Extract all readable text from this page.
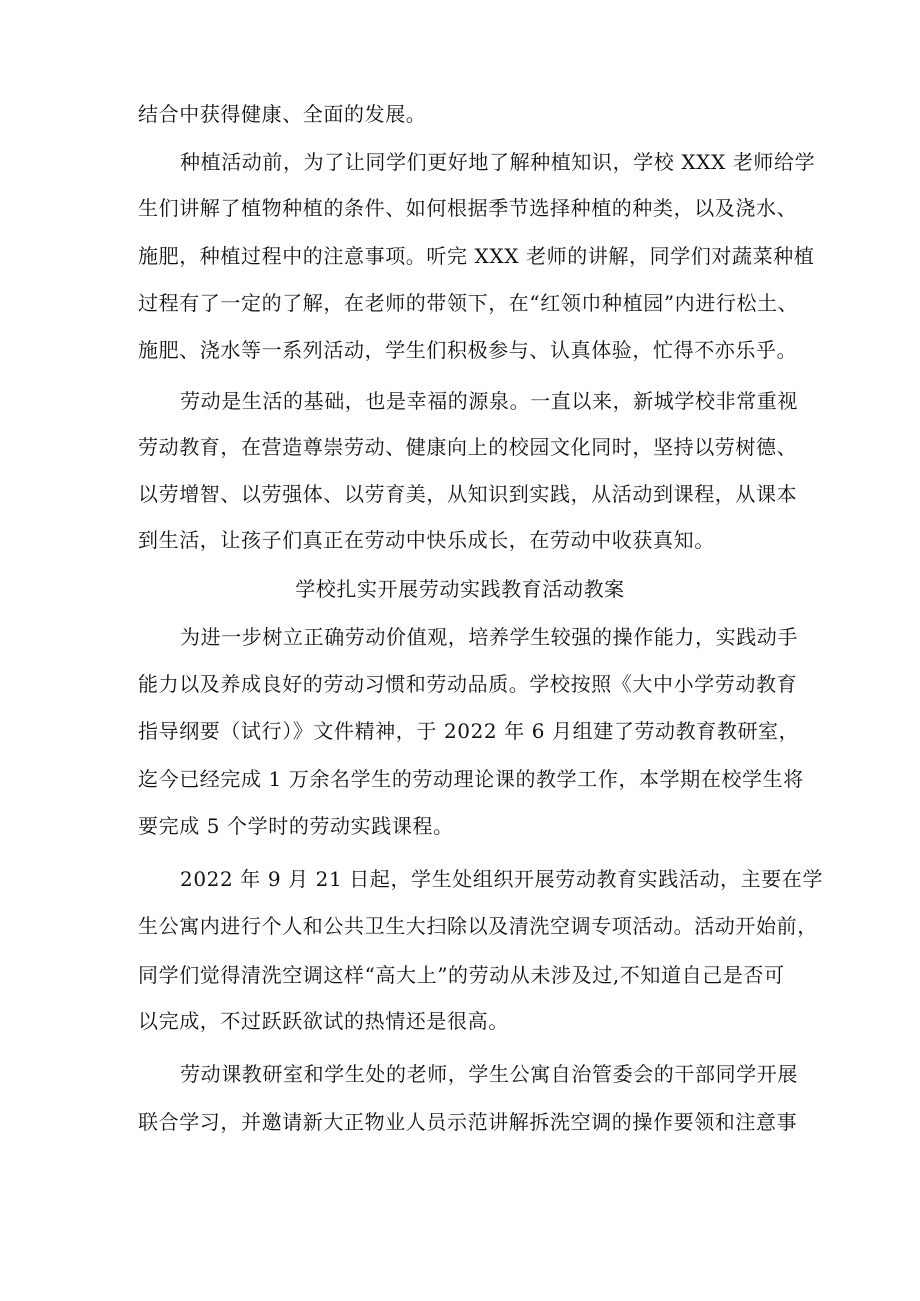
结合中获得健康、全面的发展。

种植活动前，为了让同学们更好地了解种植知识，学校 XXX 老师给学

生们讲解了植物种植的条件、如何根据季节选择种植的种类，以及浇水、

施肥，种植过程中的注意事项。听完 XXX 老师的讲解，同学们对蔬菜种植

过程有了一定的了解，在老师的带领下，在“红领巾种植园”内进行松土、

施肥、浇水等一系列活动，学生们积极参与、认真体验，忙得不亦乐乎。

劳动是生活的基础，也是幸福的源泉。一直以来，新城学校非常重视

劳动教育，在营造尊崇劳动、健康向上的校园文化同时，坚持以劳树德、

以劳增智、以劳强体、以劳育美，从知识到实践，从活动到课程，从课本

到生活，让孩子们真正在劳动中快乐成长，在劳动中收获真知。

学校扎实开展劳动实践教育活动教案

为进一步树立正确劳动价值观，培养学生较强的操作能力，实践动手

能力以及养成良好的劳动习惯和劳动品质。学校按照《大中小学劳动教育

指导纲要（试行）》文件精神，于 2022 年 6 月组建了劳动教育教研室，

迄今已经完成 1 万余名学生的劳动理论课的教学工作，本学期在校学生将

要完成 5 个学时的劳动实践课程。

2022 年 9 月 21 日起，学生处组织开展劳动教育实践活动，主要在学

生公寓内进行个人和公共卫生大扫除以及清洗空调专项活动。活动开始前，

同学们觉得清洗空调这样“高大上”的劳动从未涉及过,不知道自己是否可

以完成，不过跃跃欲试的热情还是很高。

劳动课教研室和学生处的老师，学生公寓自治管委会的干部同学开展

联合学习，并邀请新大正物业人员示范讲解拆洗空调的操作要领和注意事
